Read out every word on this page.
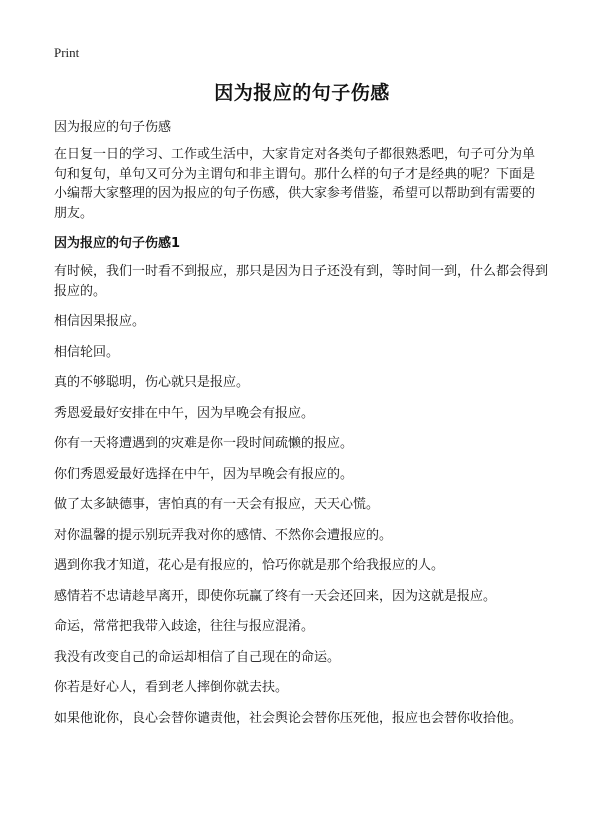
Print
因为报应的句子伤感
因为报应的句子伤感

在日复一日的学习、工作或生活中，大家肯定对各类句子都很熟悉吧，句子可分为单句和复句，单句又可分为主谓句和非主谓句。那什么样的句子才是经典的呢？下面是小编帮大家整理的因为报应的句子伤感，供大家参考借鉴，希望可以帮助到有需要的朋友。

因为报应的句子伤感1
有时候，我们一时看不到报应，那只是因为日子还没有到，等时间一到，什么都会得到报应的。
相信因果报应。
相信轮回。
真的不够聪明，伤心就只是报应。
秀恩爱最好安排在中午，因为早晚会有报应。
你有一天将遭遇到的灾难是你一段时间疏懒的报应。
你们秀恩爱最好选择在中午，因为早晚会有报应的。
做了太多缺德事，害怕真的有一天会有报应，天天心慌。
对你温馨的提示别玩弄我对你的感情、不然你会遭报应的。
遇到你我才知道，花心是有报应的，恰巧你就是那个给我报应的人。
感情若不忠请趁早离开，即使你玩赢了终有一天会还回来，因为这就是报应。
命运，常常把我带入歧途，往往与报应混淆。
我没有改变自己的命运却相信了自己现在的命运。
你若是好心人，看到老人摔倒你就去扶。
如果他讹你，良心会替你谴责他，社会舆论会替你压死他，报应也会替你收拾他。
